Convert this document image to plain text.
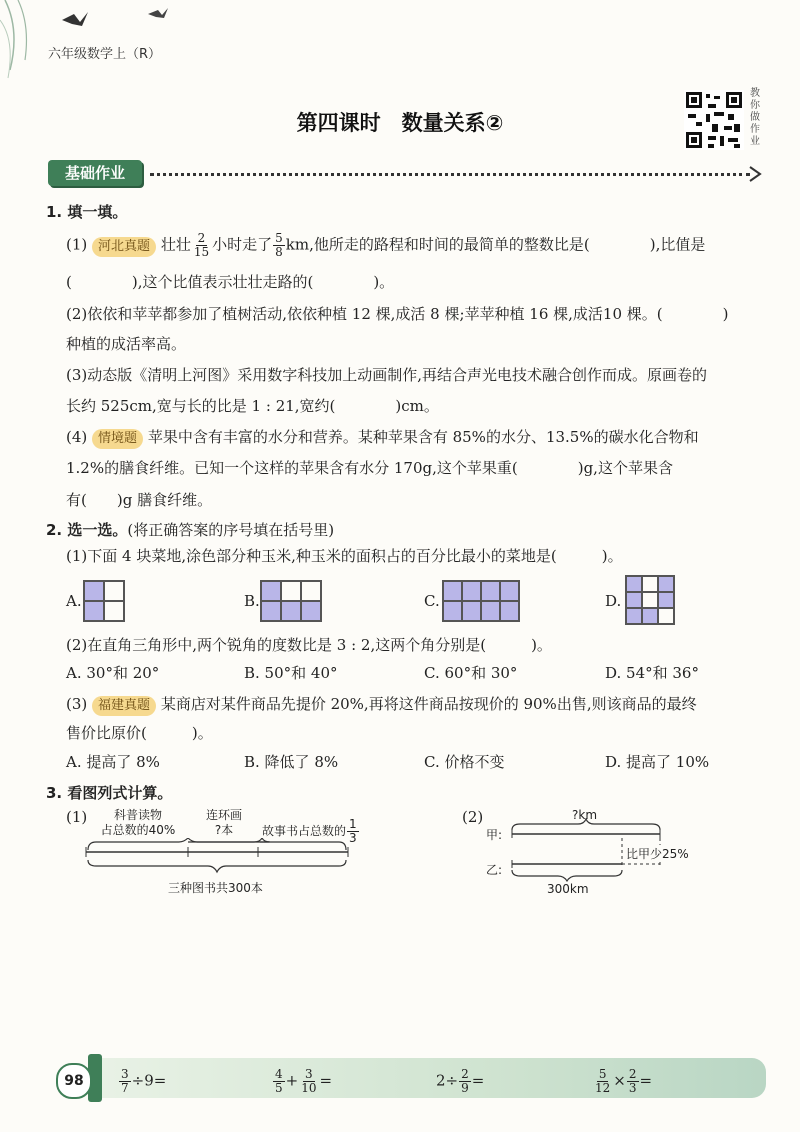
六年级数学上（R）
第四课时　数量关系②
教你做作业
基础作业
1. 填一填。
(1) 河北真题 壮壮 $\frac{2}{15}$ 小时走了 $\frac{5}{8}$ km,他所走的路程和时间的最简单的整数比是(　　　　),比值是
(　　　　),这个比值表示壮壮走路的(　　　　)。
(2)依依和苹苹都参加了植树活动,依依种植 12 棵,成活 8 棵;苹苹种植 16 棵,成活10 棵。(　　　　)
种植的成活率高。
(3)动态版《清明上河图》采用数字科技加上动画制作,再结合声光电技术融合创作而成。原画卷的
长约 525cm,宽与长的比是 1 : 21,宽约(　　　　)cm。
(4) 情境题 苹果中含有丰富的水分和营养。某种苹果含有 85%的水分、13.5%的碳水化合物和
1.2%的膳食纤维。已知一个这样的苹果含有水分 170g,这个苹果重(　　　　)g,这个苹果含
有(　　)g 膳食纤维。
2. 选一选。(将正确答案的序号填在括号里)
(1)下面 4 块菜地,涂色部分种玉米,种玉米的面积占的百分比最小的菜地是(　　　)。
A.	B.	C.	D.
(2)在直角三角形中,两个锐角的度数比是 3 : 2,这两个角分别是(　　　)。
A. 30°和 20°	B. 50°和 40°	C. 60°和 30°	D. 54°和 36°
(3) 福建真题 某商店对某件商品先提价 20%,再将这件商品按现价的 90%出售,则该商品的最终
售价比原价(　　　)。
A. 提高了 8%	B. 降低了 8%	C. 价格不变	D. 提高了 10%
3. 看图列式计算。
(1)	科普读物
占总数的40%
连环画
?本	故事书占总数的 $\frac{1}{3}$
三种图书共300本
(2)	?km
甲:
乙:
比甲少25%
300km
98	$\frac{3}{7} \div 9=$	$\frac{4}{5} + \frac{3}{10}$ =	$2\div \frac{2}{9}$ =	$\frac{5}{12} \times \frac{2}{3}$ =
